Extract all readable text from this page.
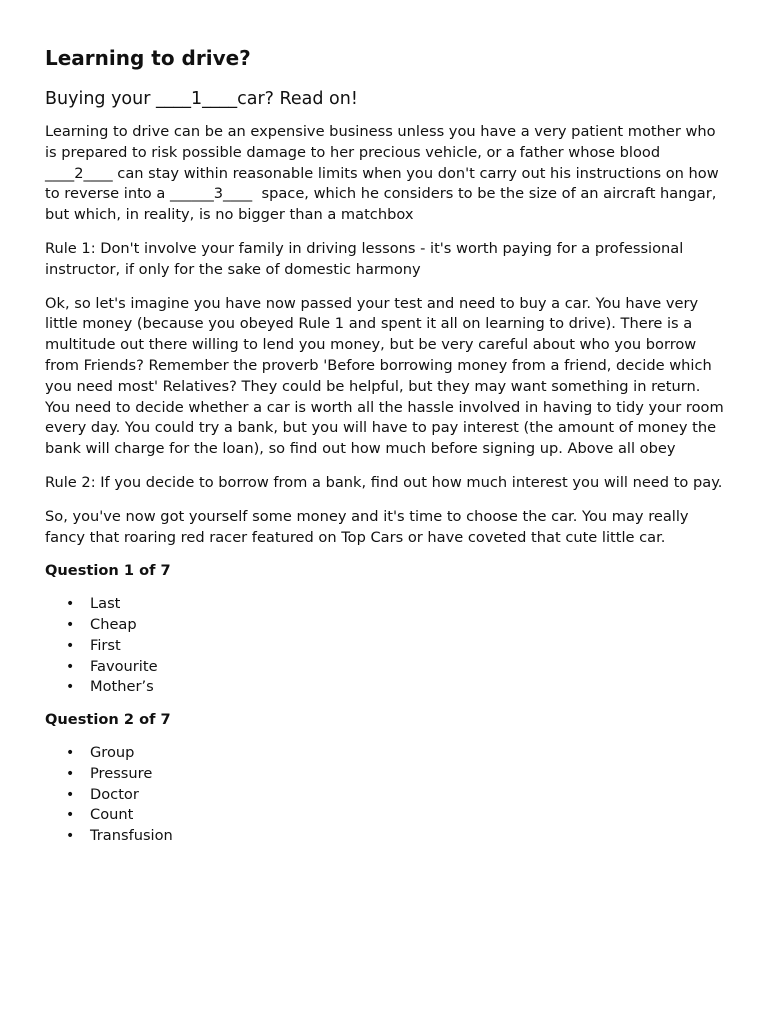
Learning to drive?
Buying your ____1____car? Read on!

Learning to drive can be an expensive business unless you have a very patient mother who is prepared to risk possible damage to her precious vehicle, or a father whose blood ____2____ can stay within reasonable limits when you don't carry out his instructions on how to reverse into a ______3____  space, which he considers to be the size of an aircraft hangar, but which, in reality, is no bigger than a matchbox

Rule 1: Don't involve your family in driving lessons - it's worth paying for a professional instructor, if only for the sake of domestic harmony

Ok, so let's imagine you have now passed your test and need to buy a car. You have very little money (because you obeyed Rule 1 and spent it all on learning to drive). There is a multitude out there willing to lend you money, but be very careful about who you borrow from Friends? Remember the proverb 'Before borrowing money from a friend, decide which you need most' Relatives? They could be helpful, but they may want something in return. You need to decide whether a car is worth all the hassle involved in having to tidy your room every day. You could try a bank, but you will have to pay interest (the amount of money the bank will charge for the loan), so find out how much before signing up. Above all obey

Rule 2: If you decide to borrow from a bank, find out how much interest you will need to pay.

So, you've now got yourself some money and it's time to choose the car. You may really fancy that roaring red racer featured on Top Cars or have coveted that cute little car.

Question 1 of 7
• Last
• Cheap
• First
• Favourite
• Mother’s
Question 2 of 7
• Group
• Pressure
• Doctor
• Count
• Transfusion
